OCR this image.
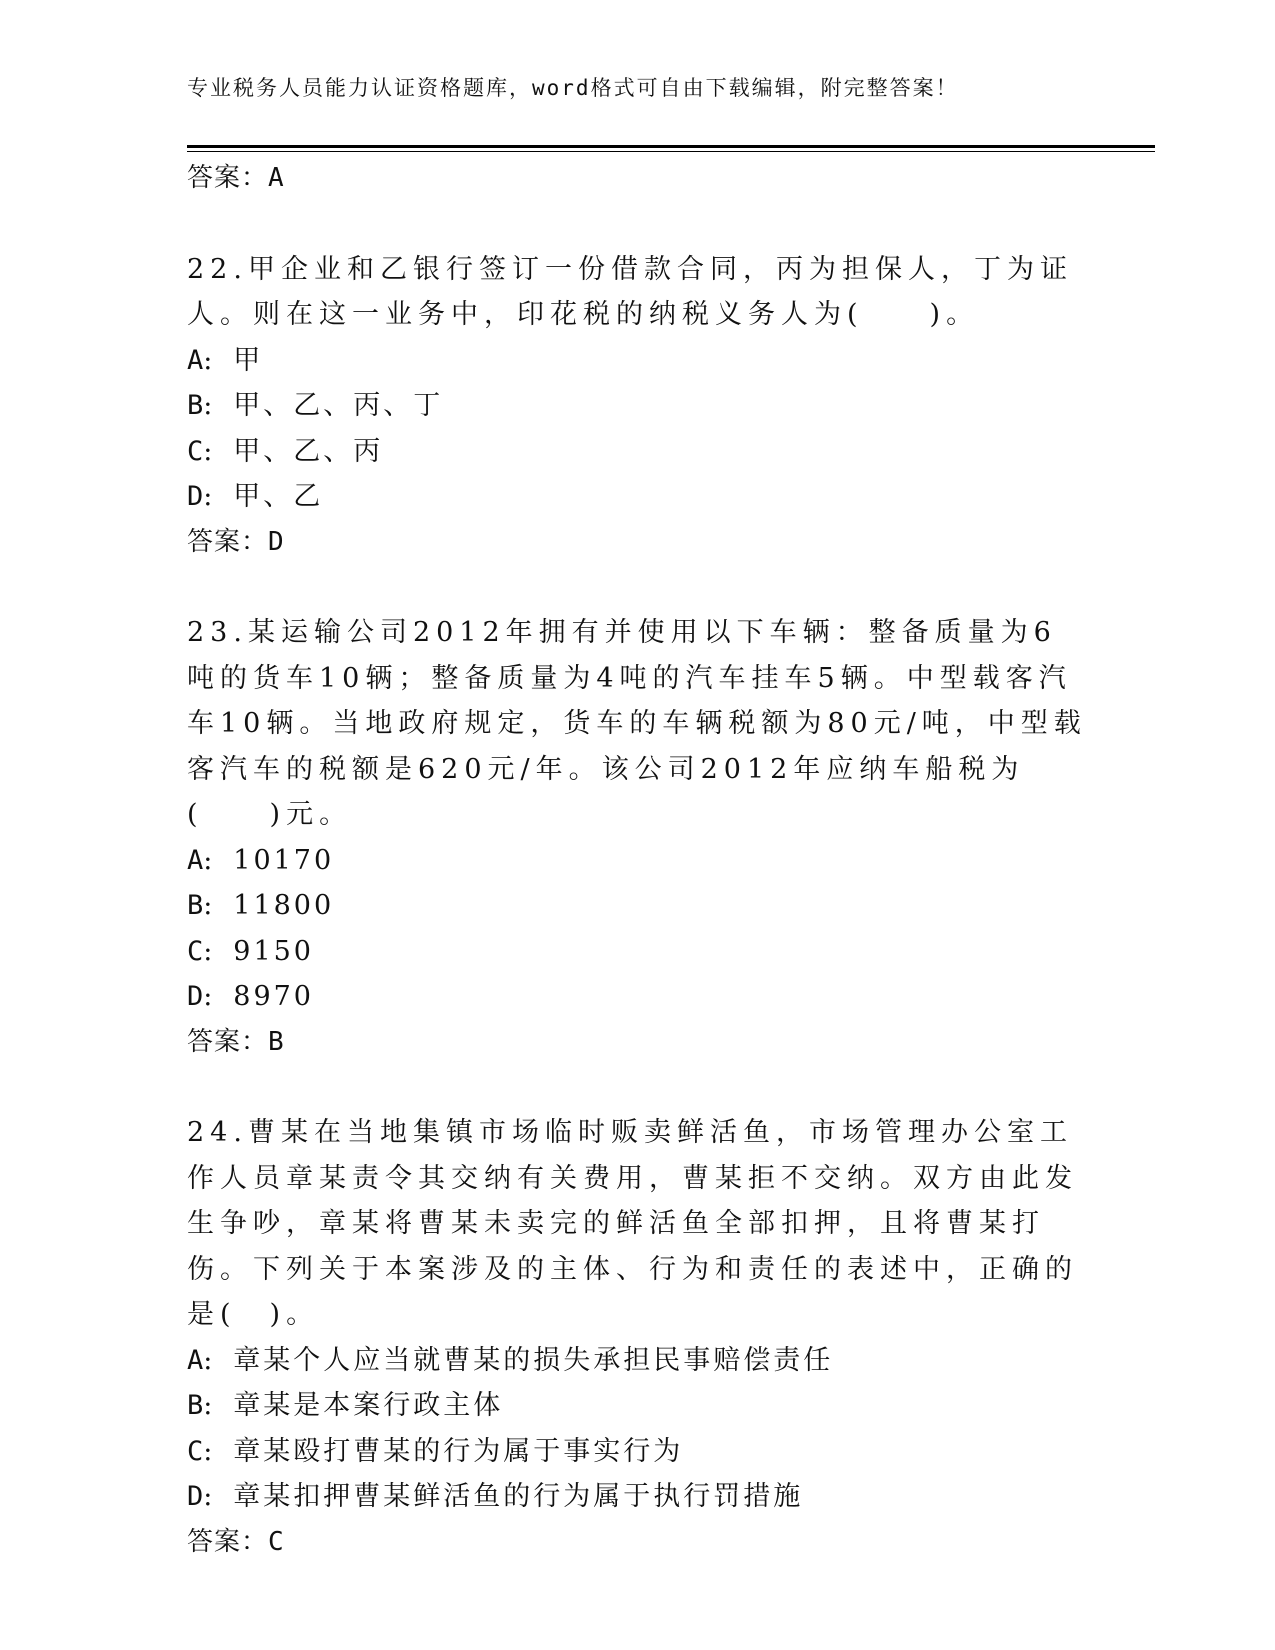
专业税务人员能力认证资格题库，word格式可自由下载编辑，附完整答案！

答案：A

22.甲企业和乙银行签订一份借款合同，丙为担保人，丁为证人。则在这一业务中，印花税的纳税义务人为(　　)。

A: 甲

B: 甲、乙、丙、丁

C: 甲、乙、丙

D: 甲、乙

答案：D

23.某运输公司2012年拥有并使用以下车辆：整备质量为6吨的货车10辆；整备质量为4吨的汽车挂车5辆。中型载客汽车10辆。当地政府规定，货车的车辆税额为80元/吨，中型载客汽车的税额是620元/年。该公司2012年应纳车船税为(　　)元。

A: 10170

B: 11800

C: 9150

D: 8970

答案：B

24.曹某在当地集镇市场临时贩卖鲜活鱼，市场管理办公室工作人员章某责令其交纳有关费用，曹某拒不交纳。双方由此发生争吵，章某将曹某未卖完的鲜活鱼全部扣押，且将曹某打伤。下列关于本案涉及的主体、行为和责任的表述中，正确的是(　)。

A: 章某个人应当就曹某的损失承担民事赔偿责任

B: 章某是本案行政主体

C: 章某殴打曹某的行为属于事实行为

D: 章某扣押曹某鲜活鱼的行为属于执行罚措施

答案：C
